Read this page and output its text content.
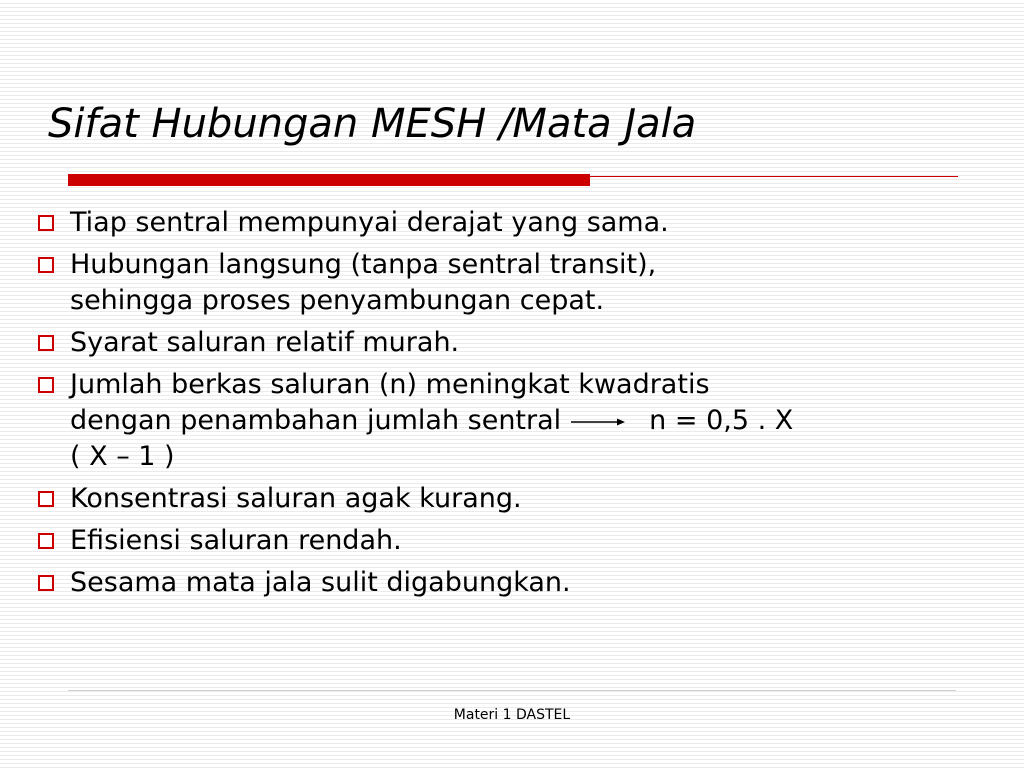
Sifat Hubungan MESH /Mata Jala
Tiap sentral mempunyai derajat yang sama.
Hubungan langsung (tanpa sentral transit),
sehingga proses penyambungan cepat.
Syarat saluran relatif murah.
Jumlah berkas saluran (n) meningkat kwadratis
dengan penambahan jumlah sentral	n = 0,5 . X
( X – 1 )
Konsentrasi saluran agak kurang.
Efisiensi saluran rendah.
Sesama mata jala sulit digabungkan.
Materi 1 DASTEL
